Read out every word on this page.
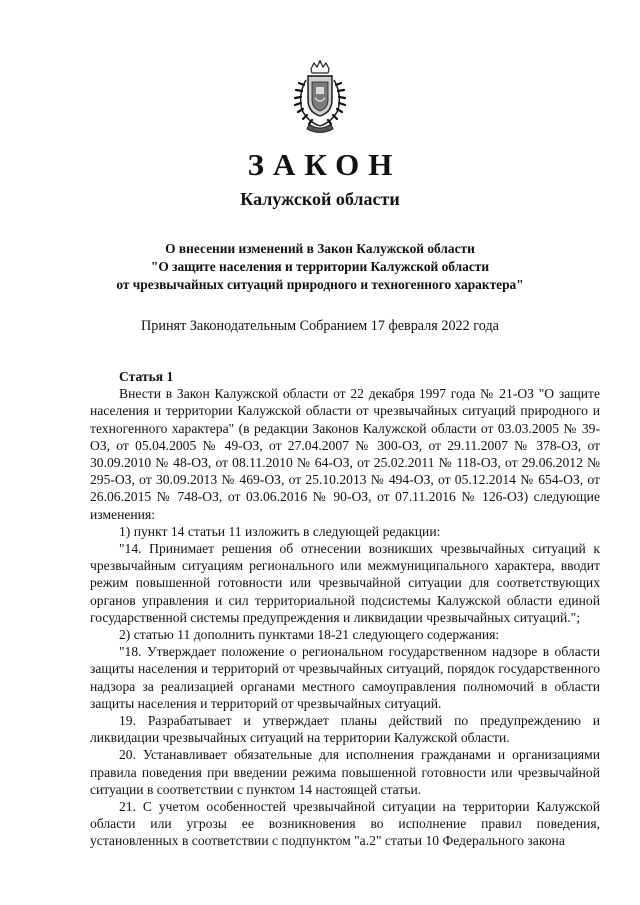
ЗАКОН
Калужской области
О внесении изменений в Закон Калужской области
"О защите населения и территории Калужской области
от чрезвычайных ситуаций природного и техногенного характера"
Принят Законодательным Собранием 17 февраля 2022 года
Статья 1

Внести в Закон Калужской области от 22 декабря 1997 года № 21-ОЗ "О защите населения и территории Калужской области от чрезвычайных ситуаций природного и техногенного характера" (в редакции Законов Калужской области от 03.03.2005 № 39-ОЗ, от 05.04.2005 № 49-ОЗ, от 27.04.2007 № 300-ОЗ, от 29.11.2007 № 378-ОЗ, от 30.09.2010 № 48-ОЗ, от 08.11.2010 № 64-ОЗ, от 25.02.2011 № 118-ОЗ, от 29.06.2012 № 295-ОЗ, от 30.09.2013 № 469-ОЗ, от 25.10.2013 № 494-ОЗ, от 05.12.2014 № 654-ОЗ, от 26.06.2015 № 748-ОЗ, от 03.06.2016 № 90-ОЗ, от 07.11.2016 № 126-ОЗ) следующие изменения:

1) пункт 14 статьи 11 изложить в следующей редакции:

"14. Принимает решения об отнесении возникших чрезвычайных ситуаций к чрезвычайным ситуациям регионального или межмуниципального характера, вводит режим повышенной готовности или чрезвычайной ситуации для соответствующих органов управления и сил территориальной подсистемы Калужской области единой государственной системы предупреждения и ликвидации чрезвычайных ситуаций.";

2) статью 11 дополнить пунктами 18-21 следующего содержания:

"18. Утверждает положение о региональном государственном надзоре в области защиты населения и территорий от чрезвычайных ситуаций, порядок государственного надзора за реализацией органами местного самоуправления полномочий в области защиты населения и территорий от чрезвычайных ситуаций.

19. Разрабатывает и утверждает планы действий по предупреждению и ликвидации чрезвычайных ситуаций на территории Калужской области.

20. Устанавливает обязательные для исполнения гражданами и организациями правила поведения при введении режима повышенной готовности или чрезвычайной ситуации в соответствии с пунктом 14 настоящей статьи.

21. С учетом особенностей чрезвычайной ситуации на территории Калужской области или угрозы ее возникновения во исполнение правил поведения, установленных в соответствии с подпунктом "а.2" статьи 10 Федерального закона
